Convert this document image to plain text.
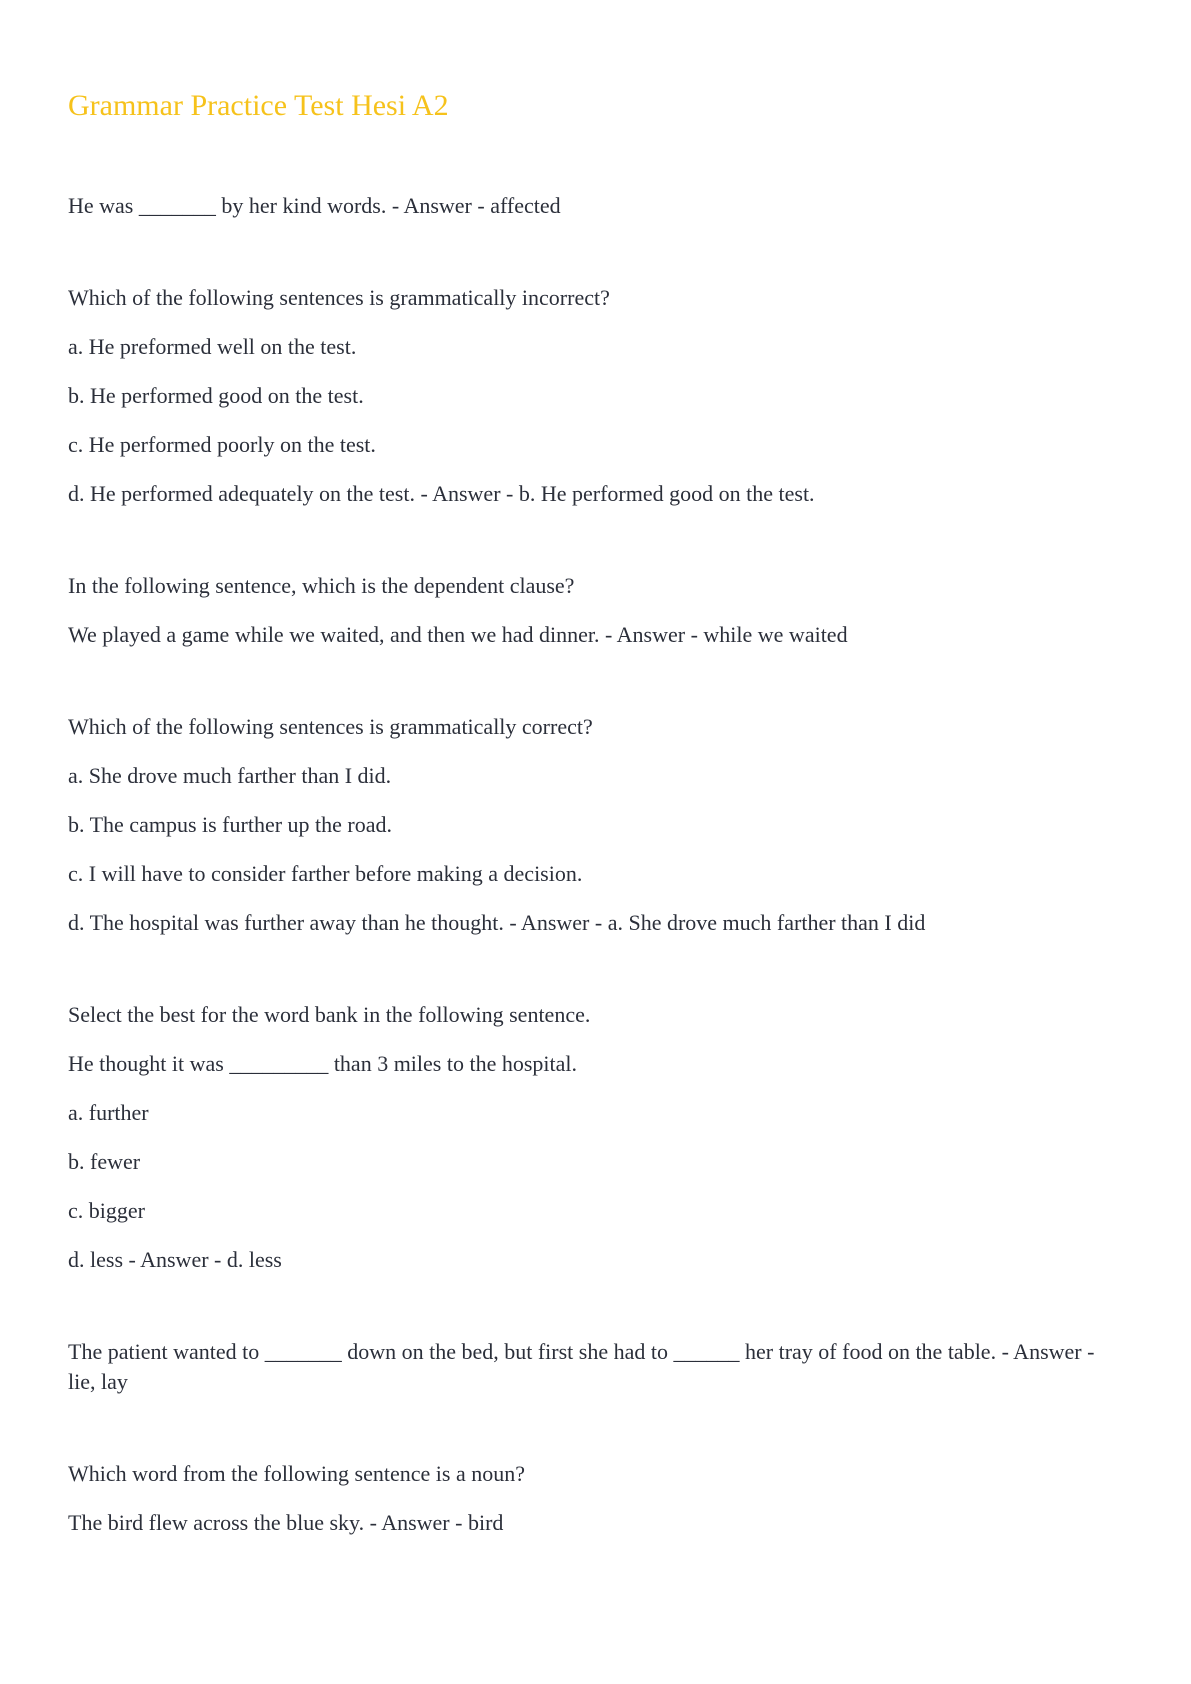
Grammar Practice Test Hesi A2
He was _______ by her kind words. - Answer - affected
Which of the following sentences is grammatically incorrect?
a. He preformed well on the test.
b. He performed good on the test.
c. He performed poorly on the test.
d. He performed adequately on the test. - Answer - b. He performed good on the test.
In the following sentence, which is the dependent clause?
We played a game while we waited, and then we had dinner. - Answer - while we waited
Which of the following sentences is grammatically correct?
a. She drove much farther than I did.
b. The campus is further up the road.
c. I will have to consider farther before making a decision.
d. The hospital was further away than he thought. - Answer - a. She drove much farther than I did
Select the best for the word bank in the following sentence.
He thought it was _________ than 3 miles to the hospital.
a. further
b. fewer
c. bigger
d. less - Answer - d. less
The patient wanted to _______ down on the bed, but first she had to ______ her tray of food on the table. - Answer - lie, lay
Which word from the following sentence is a noun?
The bird flew across the blue sky. - Answer - bird
